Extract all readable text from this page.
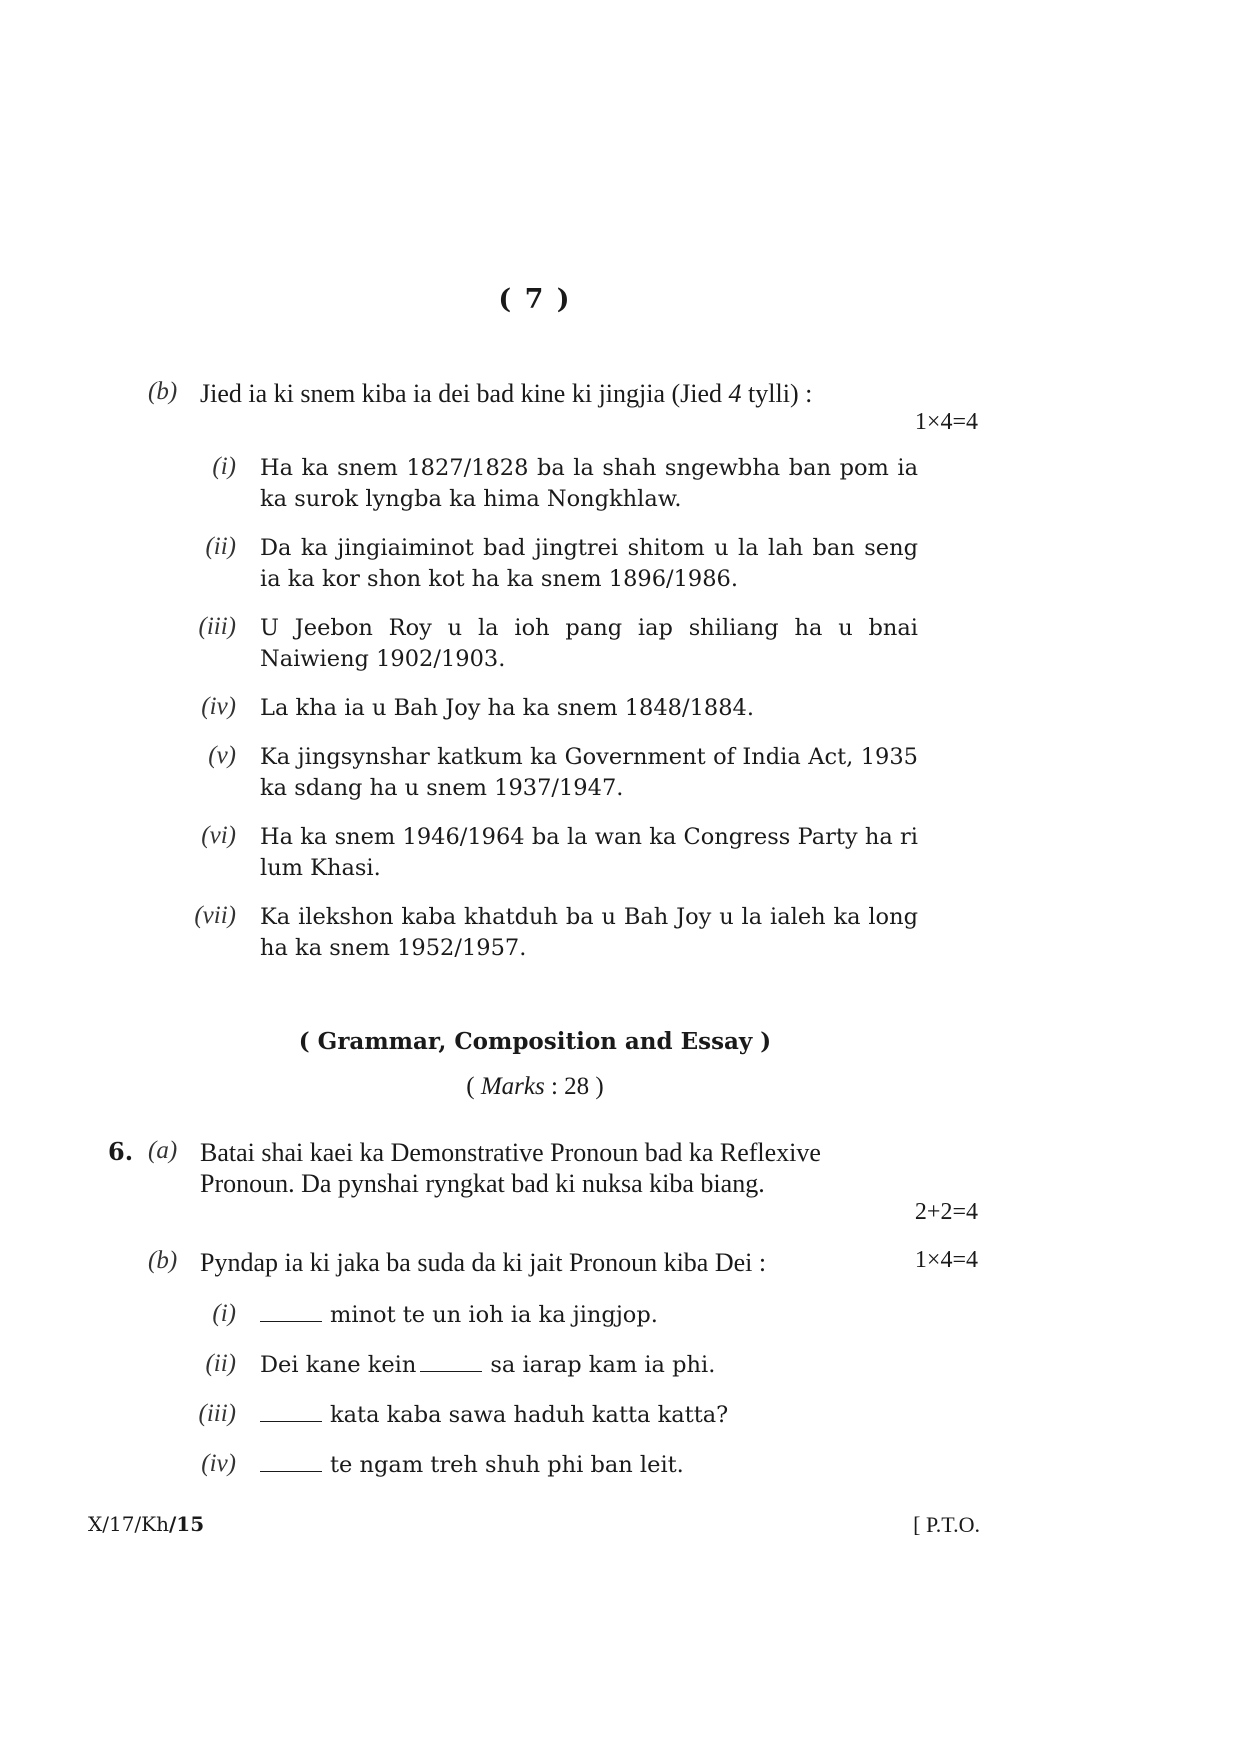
( 7 )
(b) Jied ia ki snem kiba ia dei bad kine ki jingjia (Jied 4 tylli) :
1×4=4
(i) Ha ka snem 1827/1828 ba la shah sngewbha ban pom ia ka surok lyngba ka hima Nongkhlaw.
(ii) Da ka jingiaiminot bad jingtrei shitom u la lah ban seng ia ka kor shon kot ha ka snem 1896/1986.
(iii) U Jeebon Roy u la ioh pang iap shiliang ha u bnai Naiwieng 1902/1903.
(iv) La kha ia u Bah Joy ha ka snem 1848/1884.
(v) Ka jingsynshar katkum ka Government of India Act, 1935 ka sdang ha u snem 1937/1947.
(vi) Ha ka snem 1946/1964 ba la wan ka Congress Party ha ri lum Khasi.
(vii) Ka ilekshon kaba khatduh ba u Bah Joy u la ialeh ka long ha ka snem 1952/1957.
( Grammar, Composition and Essay )
( Marks : 28 )
6. (a) Batai shai kaei ka Demonstrative Pronoun bad ka Reflexive Pronoun. Da pynshai ryngkat bad ki nuksa kiba biang.
2+2=4
(b) Pyndap ia ki jaka ba suda da ki jait Pronoun kiba Dei :	1×4=4
(i)	minot te un ioh ia ka jingjop.
(ii) Dei kane kein	sa iarap kam ia phi.
(iii)	kata kaba sawa haduh katta katta?
(iv)	te ngam treh shuh phi ban leit.
X/17/Kh/15	[ P.T.O.
